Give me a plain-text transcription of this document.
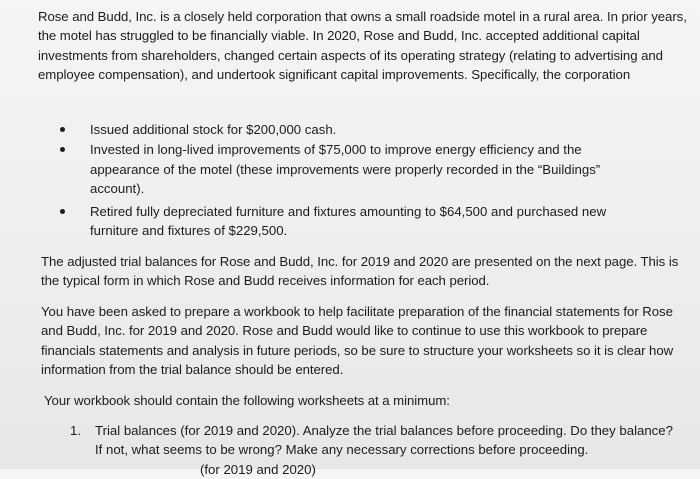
Rose and Budd, Inc. is a closely held corporation that owns a small roadside motel in a rural area. In prior years, the motel has struggled to be financially viable. In 2020, Rose and Budd, Inc. accepted additional capital investments from shareholders, changed certain aspects of its operating strategy (relating to advertising and employee compensation), and undertook significant capital improvements. Specifically, the corporation

Issued additional stock for $200,000 cash.
Invested in long-lived improvements of $75,000 to improve energy efficiency and the appearance of the motel (these improvements were properly recorded in the “Buildings” account).
Retired fully depreciated furniture and fixtures amounting to $64,500 and purchased new furniture and fixtures of $229,500.

The adjusted trial balances for Rose and Budd, Inc. for 2019 and 2020 are presented on the next page. This is the typical form in which Rose and Budd receives information for each period.

You have been asked to prepare a workbook to help facilitate preparation of the financial statements for Rose and Budd, Inc. for 2019 and 2020. Rose and Budd would like to continue to use this workbook to prepare financials statements and analysis in future periods, so be sure to structure your worksheets so it is clear how information from the trial balance should be entered.

Your workbook should contain the following worksheets at a minimum:

1. Trial balances (for 2019 and 2020). Analyze the trial balances before proceeding. Do they balance? If not, what seems to be wrong? Make any necessary corrections before proceeding.
(for 2019 and 2020)
